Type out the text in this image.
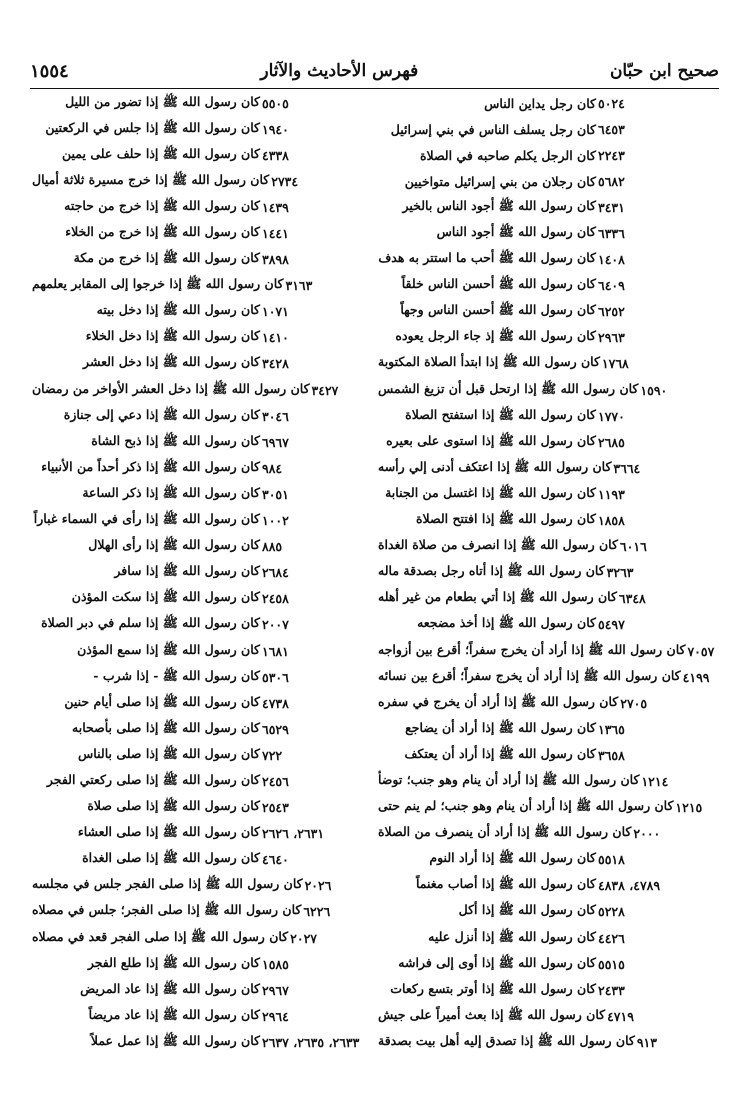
١٥٥٤	فهرس الأحاديث والآثار	صحيح ابن حبّان
كان رجل يداين الناس ٥٠٢٤
كان رجل يسلف الناس في بني إسرائيل ٦٤٥٣
كان الرجل يكلم صاحبه في الصلاة ٢٢٤٣
كان رجلان من بني إسرائيل متواخيين ٥٦٨٢
كان رسول الله ﷺ أجود الناس بالخير ٣٤٣١
كان رسول الله ﷺ أجود الناس ٦٣٣٦
كان رسول الله ﷺ أحب ما استتر به هدف ١٤٠٨
كان رسول الله ﷺ أحسن الناس خلقاً ٦٤٠٩
كان رسول الله ﷺ أحسن الناس وجهاً ٦٢٥٢
كان رسول الله ﷺ إذ جاء الرجل يعوده ٢٩٦٣
كان رسول الله ﷺ إذا ابتدأ الصلاة المكتوبة ١٧٦٨
كان رسول الله ﷺ إذا ارتحل قبل أن تزيغ الشمس ١٥٩٠
كان رسول الله ﷺ إذا استفتح الصلاة ١٧٧٠
كان رسول الله ﷺ إذا استوى على بعيره ٢٦٨٥
كان رسول الله ﷺ إذا اعتكف أدنى إلي رأسه ٣٦٦٤
كان رسول الله ﷺ إذا اغتسل من الجنابة ١١٩٣
كان رسول الله ﷺ إذا افتتح الصلاة ١٨٥٨
كان رسول الله ﷺ إذا انصرف من صلاة الغداة ٦٠١٦
كان رسول الله ﷺ إذا أتاه رجل بصدقة ماله ٣٢٦٣
كان رسول الله ﷺ إذا أتي بطعام من غير أهله ٦٣٤٨
كان رسول الله ﷺ إذا أخذ مضجعه ٥٤٩٧
كان رسول الله ﷺ إذا أراد أن يخرج سفراً؛ أقرع بين أزواجه ٧٠٥٧
كان رسول الله ﷺ إذا أراد أن يخرج سفراً؛ أقرع بين نسائه ٤١٩٩
كان رسول الله ﷺ إذا أراد أن يخرج في سفره ٢٧٠٥
كان رسول الله ﷺ إذا أراد أن يضاجع ١٣٦٥
كان رسول الله ﷺ إذا أراد أن يعتكف ٣٦٥٨
كان رسول الله ﷺ إذا أراد أن ينام وهو جنب؛ توضأ ١٢١٤
كان رسول الله ﷺ إذا أراد أن ينام وهو جنب؛ لم ينم حتى ١٢١٥
كان رسول الله ﷺ إذا أراد أن ينصرف من الصلاة ٢٠٠٠
كان رسول الله ﷺ إذا أراد النوم ٥٥١٨
كان رسول الله ﷺ إذا أصاب مغنماً ٤٧٨٩، ٤٨٣٨
كان رسول الله ﷺ إذا أكل ٥٢٢٨
كان رسول الله ﷺ إذا أنزل عليه ٤٤٢٦
كان رسول الله ﷺ إذا أوى إلى فراشه ٥٥١٥
كان رسول الله ﷺ إذا أوتر بتسع ركعات ٢٤٣٣
كان رسول الله ﷺ إذا بعث أميراً على جيش ٤٧١٩
كان رسول الله ﷺ إذا تصدق إليه أهل بيت بصدقة ٩١٣
كان رسول الله ﷺ إذا تضور من الليل ٥٥٠٥
كان رسول الله ﷺ إذا جلس في الركعتين ١٩٤٠
كان رسول الله ﷺ إذا حلف على يمين ٤٣٣٨
كان رسول الله ﷺ إذا خرج مسيرة ثلاثة أميال ٢٧٣٤
كان رسول الله ﷺ إذا خرج من حاجته ١٤٣٩
كان رسول الله ﷺ إذا خرج من الخلاء ١٤٤١
كان رسول الله ﷺ إذا خرج من مكة ٣٨٩٨
كان رسول الله ﷺ إذا خرجوا إلى المقابر يعلمهم ٣١٦٣
كان رسول الله ﷺ إذا دخل بيته ١٠٧١
كان رسول الله ﷺ إذا دخل الخلاء ١٤١٠
كان رسول الله ﷺ إذا دخل العشر ٣٤٢٨
كان رسول الله ﷺ إذا دخل العشر الأواخر من رمضان ٣٤٢٧
كان رسول الله ﷺ إذا دعي إلى جنازة ٣٠٤٦
كان رسول الله ﷺ إذا ذبح الشاة ٦٩٦٧
كان رسول الله ﷺ إذا ذكر أحداً من الأنبياء ٩٨٤
كان رسول الله ﷺ إذا ذكر الساعة ٣٠٥١
كان رسول الله ﷺ إذا رأى في السماء غباراً ١٠٠٢
كان رسول الله ﷺ إذا رأى الهلال ٨٨٥
كان رسول الله ﷺ إذا سافر ٢٦٨٤
كان رسول الله ﷺ إذا سكت المؤذن ٢٤٥٨
كان رسول الله ﷺ إذا سلم في دبر الصلاة ٢٠٠٧
كان رسول الله ﷺ إذا سمع المؤذن ١٦٨١
كان رسول الله ﷺ - إذا شرب - ٥٣٠٦
كان رسول الله ﷺ إذا صلى أيام حنين ٤٧٣٨
كان رسول الله ﷺ إذا صلى بأصحابه ٦٥٢٩
كان رسول الله ﷺ إذا صلى بالناس ٧٢٢
كان رسول الله ﷺ إذا صلى ركعتي الفجر ٢٤٥٦
كان رسول الله ﷺ إذا صلى صلاة ٢٥٤٣
كان رسول الله ﷺ إذا صلى العشاء ٢٦٣١، ٢٦٢٦
كان رسول الله ﷺ إذا صلى الغداة ٤٦٤٠
كان رسول الله ﷺ إذا صلى الفجر جلس في مجلسه ٢٠٢٦
كان رسول الله ﷺ إذا صلى الفجر؛ جلس في مصلاه ٦٢٢٦
كان رسول الله ﷺ إذا صلى الفجر قعد في مصلاه ٢٠٢٧
كان رسول الله ﷺ إذا طلع الفجر ١٥٨٥
كان رسول الله ﷺ إذا عاد المريض ٢٩٦٧
كان رسول الله ﷺ إذا عاد مريضاً ٢٩٦٤
كان رسول الله ﷺ إذا عمل عملاً ٢٦٣٣، ٢٦٣٥، ٢٦٣٧
